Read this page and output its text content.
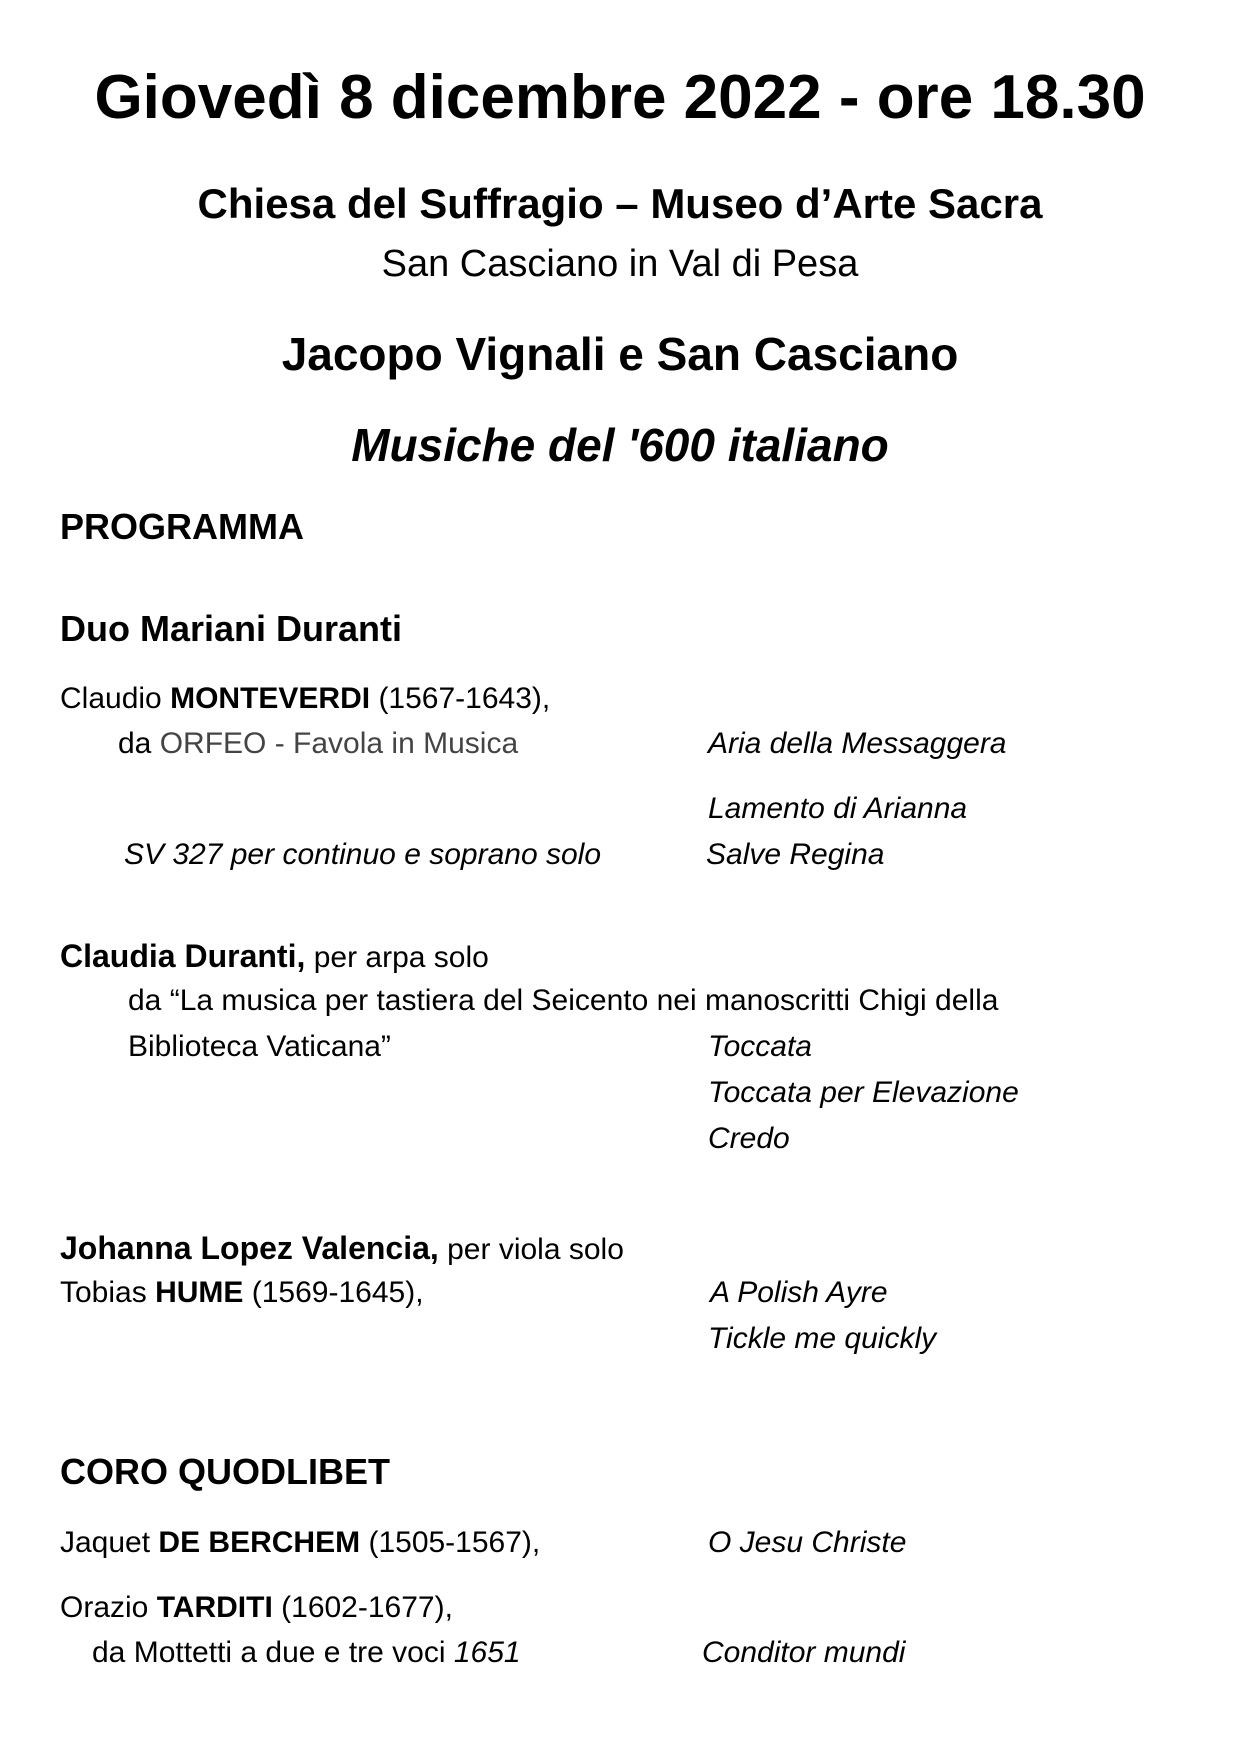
Giovedì 8 dicembre 2022 - ore 18.30
Chiesa del Suffragio – Museo d’Arte Sacra
San Casciano in Val di Pesa
Jacopo Vignali e San Casciano
Musiche del '600 italiano
PROGRAMMA
Duo Mariani Duranti
Claudio MONTEVERDI (1567-1643),
da ORFEO - Favola in Musica	Aria della Messaggera
Lamento di Arianna
SV 327 per continuo e soprano solo	Salve Regina
Claudia Duranti, per arpa solo
da “La musica per tastiera del Seicento nei manoscritti Chigi della
Biblioteca Vaticana”	Toccata
Toccata per Elevazione
Credo
Johanna Lopez Valencia, per viola solo
Tobias HUME (1569-1645),	A Polish Ayre
Tickle me quickly
CORO QUODLIBET
Jaquet DE BERCHEM (1505-1567),	O Jesu Christe
Orazio TARDITI (1602-1677),
da Mottetti a due e tre voci 1651	Conditor mundi
